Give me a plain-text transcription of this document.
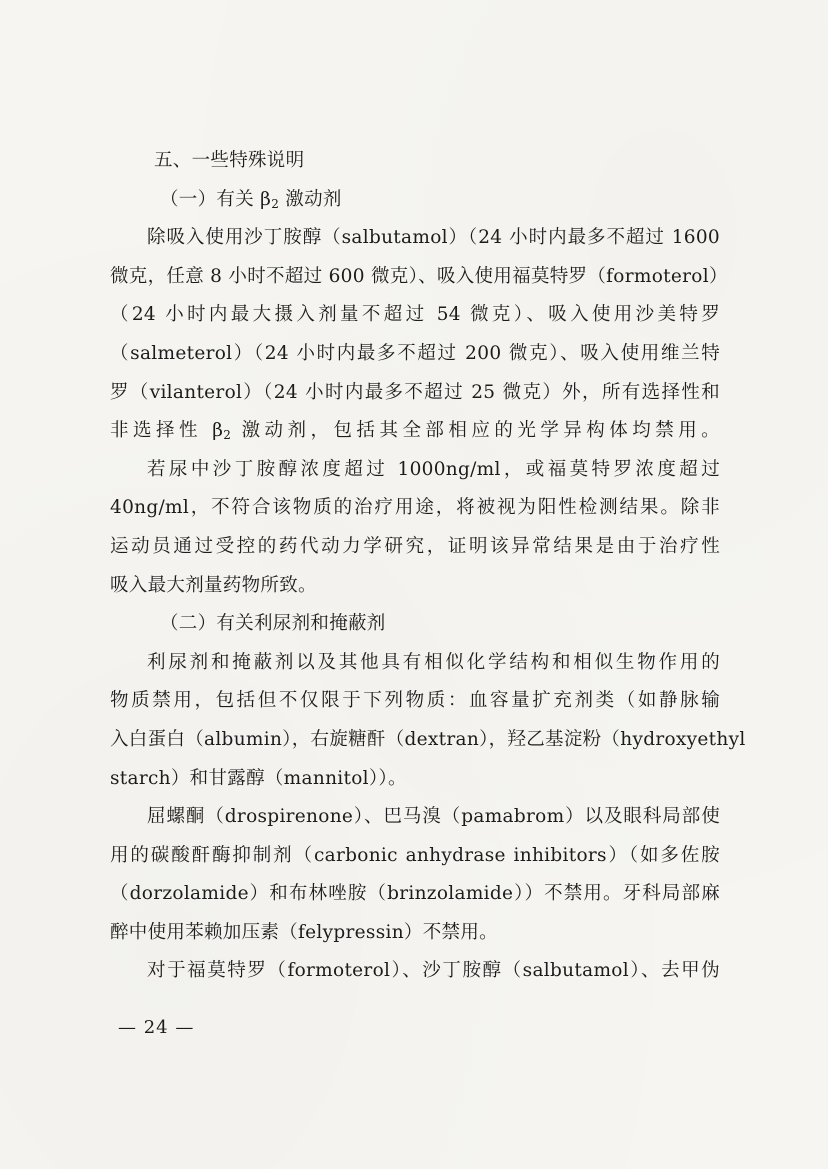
五、一些特殊说明
（一）有关 $\beta_2$ 激动剂
除吸入使用沙丁胺醇（salbutamol）（24 小时内最多不超过 1600
微克，任意 8 小时不超过 600 微克）、吸入使用福莫特罗（formoterol）
（24 小时内最大摄入剂量不超过 54 微克）、吸入使用沙美特罗
（salmeterol）（24 小时内最多不超过 200 微克）、吸入使用维兰特
罗（vilanterol）（24 小时内最多不超过 25 微克）外，所有选择性和
非选择性 $\beta_2$ 激动剂，包括其全部相应的光学异构体均禁用。
若尿中沙丁胺醇浓度超过 1000ng/ml，或福莫特罗浓度超过
40ng/ml，不符合该物质的治疗用途，将被视为阳性检测结果。除非
运动员通过受控的药代动力学研究，证明该异常结果是由于治疗性
吸入最大剂量药物所致。
（二）有关利尿剂和掩蔽剂
利尿剂和掩蔽剂以及其他具有相似化学结构和相似生物作用的
物质禁用，包括但不仅限于下列物质：血容量扩充剂类（如静脉输
入白蛋白（albumin），右旋糖酐（dextran），羟乙基淀粉（hydroxyethyl
starch）和甘露醇（mannitol））。
屈螺酮（drospirenone）、巴马溴（pamabrom）以及眼科局部使
用的碳酸酐酶抑制剂（carbonic anhydrase inhibitors）（如多佐胺
（dorzolamide）和布林唑胺（brinzolamide））不禁用。牙科局部麻
醉中使用苯赖加压素（felypressin）不禁用。
对于福莫特罗（formoterol）、沙丁胺醇（salbutamol）、去甲伪
— 24 —
